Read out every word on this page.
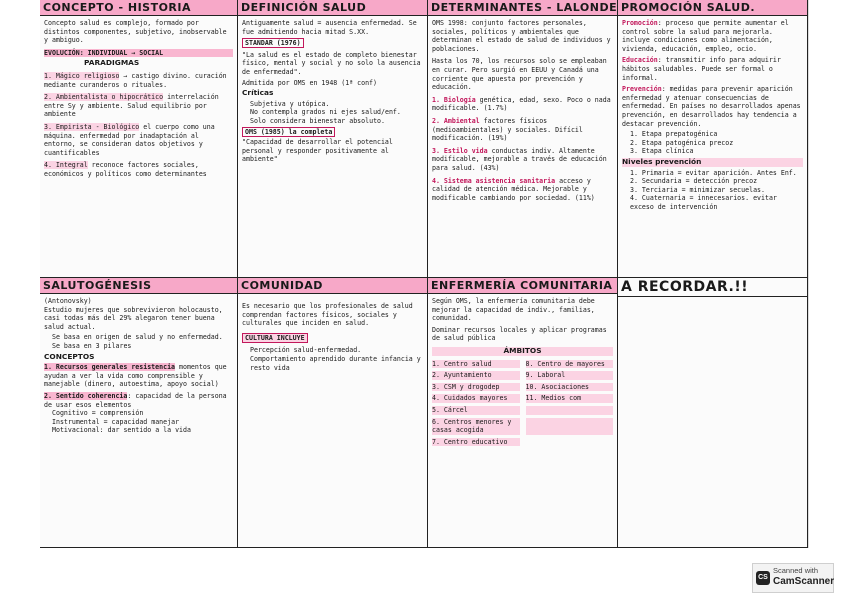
CONCEPTO - HISTORIA

Concepto salud es complejo, formado por distintos componentes, subjetivo, inobservable y ambiguo.

EVOLUCIÓN: INDIVIDUAL → SOCIAL

PARADIGMAS

1. Mágico religioso → castigo divino. curación mediante curanderos o rituales.

2. Ambientalista o hipocrático interrelación entre Sy y ambiente. Salud equilibrio por ambiente

3. Empirista - Biológico el cuerpo como una máquina. enfermedad por inadaptación al entorno, se consideran datos objetivos y cuantificables

4. Integral reconoce factores sociales, económicos y políticos como determinantes

DEFINICIÓN SALUD

Antiguamente salud = ausencia enfermedad. Se fue admitiendo hacia mitad S.XX.

STANDAR (1976)

"La salud es el estado de completo bienestar físico, mental y social y no solo la ausencia de enfermedad".

Admitida por OMS en 1948 (1ª conf)

Críticas

Subjetiva y utópica.
No contempla grados ni ejes salud/enf.
Solo considera bienestar absoluto.

OMS (1985) la completa

"Capacidad de desarrollar el potencial personal y responder positivamente al ambiente"

DETERMINANTES - LALONDE

OMS 1998: conjunto factores personales, sociales, políticos y ambientales que determinan el estado de salud de individuos y poblaciones.

Hasta los 70, los recursos solo se empleaban en curar. Pero surgió en EEUU y Canadá una corriente que apuesta por prevención y educación.

1. Biología genética, edad, sexo. Poco o nada modificable. (1.7%)

2. Ambiental factores físicos (medioambientales) y sociales. Difícil modificación. (19%)

3. Estilo vida conductas indiv. Altamente modificable, mejorable a través de educación para salud. (43%)

4. Sistema asistencia sanitaria acceso y calidad de atención médica. Mejorable y modificable cambiando por sociedad. (11%)

PROMOCIÓN SALUD.

Promoción: proceso que permite aumentar el control sobre la salud para mejorarla. incluye condiciones como alimentación, vivienda, educación, empleo, ocio.

Educación: transmitir info para adquirir hábitos saludables. Puede ser formal o informal.

Prevención: medidas para prevenir aparición enfermedad y atenuar consecuencias de enfermedad. En países no desarrollados apenas prevención, en desarrollados hay tendencia a destacar prevención.

1. Etapa prepatogénica
2. Etapa patogénica precoz
3. Etapa clínica

Niveles prevención

1. Primaria = evitar aparición. Antes Enf.
2. Secundaria = detección precoz
3. Terciaria = minimizar secuelas.
4. Cuaternaria = innecesarios. evitar exceso de intervención
SALUTOGÉNESIS

(Antonovsky)

Estudio mujeres que sobrevivieron holocausto, casi todas más del 29% alegaron tener buena salud actual.

Se basa en origen de salud y no enfermedad.
Se basa en 3 pilares

CONCEPTOS

1. Recursos generales resistencia momentos que ayudan a ver la vida como comprensible y manejable (dinero, autoestima, apoyo social)

2. Sentido coherencia: capacidad de la persona de usar esos elementos

Cognitivo = comprensión
Instrumental = capacidad manejar
Motivacional: dar sentido a la vida
COMUNIDAD

Es necesario que los profesionales de salud comprendan factores físicos, sociales y culturales que inciden en salud.

CULTURA INCLUYE

Percepción salud-enfermedad.
Comportamiento aprendido durante infancia y resto vida
ENFERMERÍA COMUNITARIA

Según OMS, la enfermería comunitaria debe mejorar la capacidad de indiv., familias, comunidad.

Dominar recursos locales y aplicar programas de salud pública

ÁMBITOS

1. Centro salud	8. Centro de mayores

2. Ayuntamiento	9. Laboral

3. CSM y drogodep	10. Asociaciones

4. Cuidados mayores	11. Medios com

5. Cárcel

6. Centros menores y casas acogida

7. Centro educativo

A RECORDAR.!!
CS
Scanned with
CamScanner
